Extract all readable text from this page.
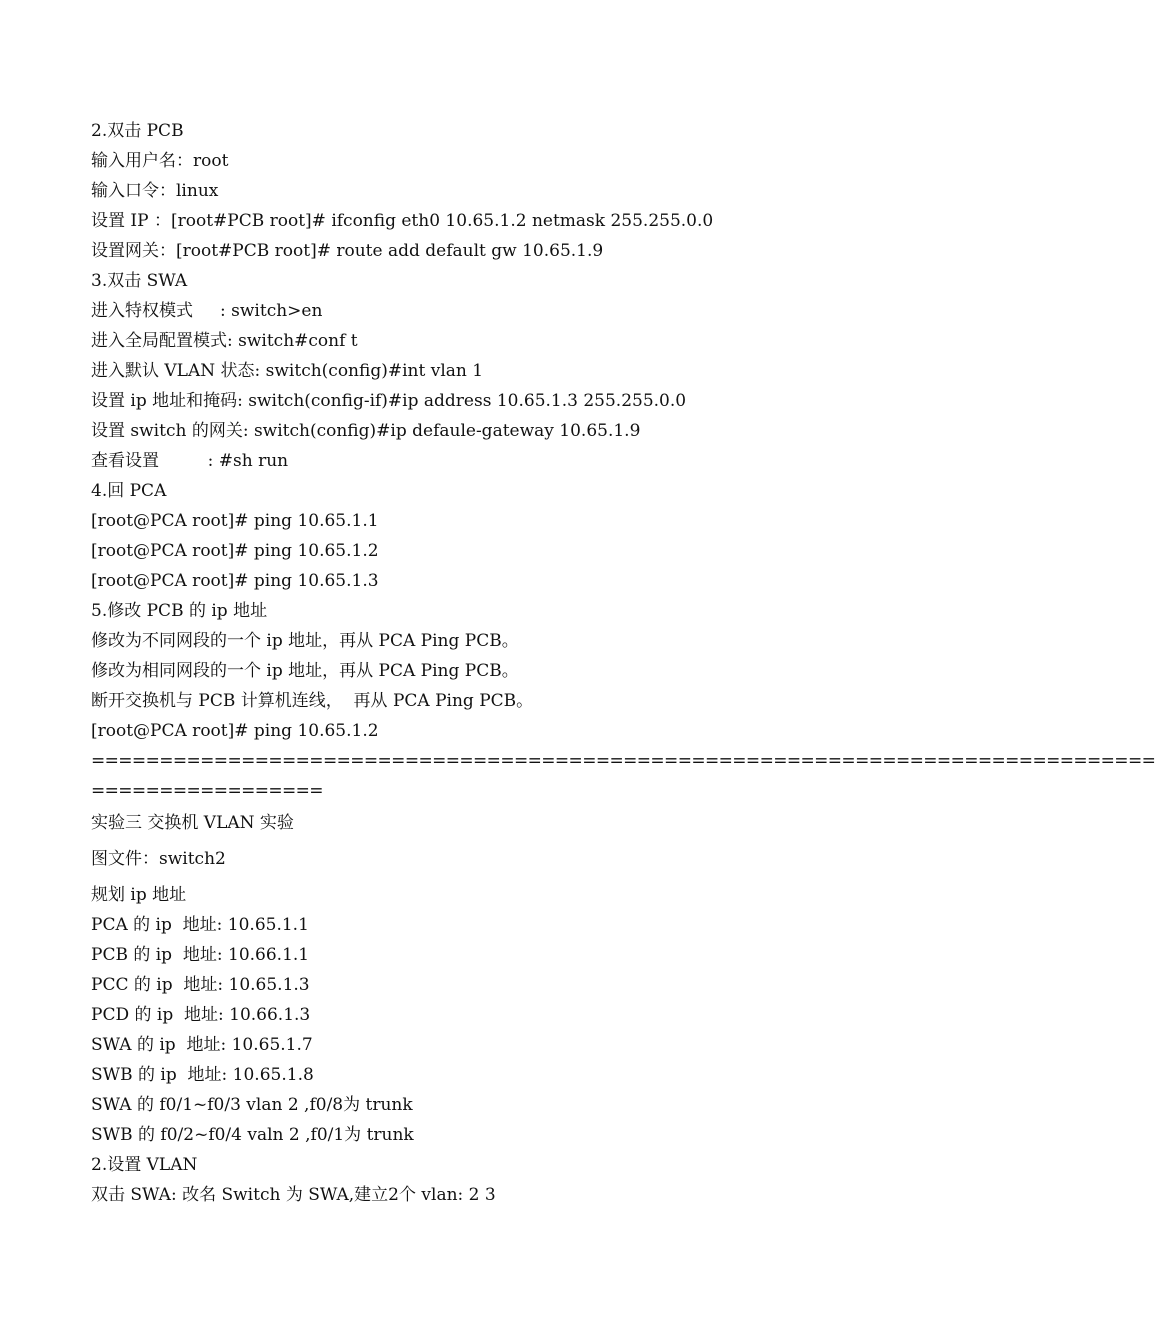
2.双击 PCB
输入用户名：root
输入口令：linux
设置 IP ：[root#PCB root]# ifconfig eth0 10.65.1.2 netmask 255.255.0.0
设置网关：[root#PCB root]# route add default gw 10.65.1.9
3.双击 SWA
进入特权模式     : switch>en
进入全局配置模式: switch#conf t
进入默认 VLAN 状态: switch(config)#int vlan 1
设置 ip 地址和掩码: switch(config-if)#ip address 10.65.1.3 255.255.0.0
设置 switch 的网关: switch(config)#ip defaule-gateway 10.65.1.9
查看设置         : #sh run
4.回 PCA
[root@PCA root]# ping 10.65.1.1
[root@PCA root]# ping 10.65.1.2
[root@PCA root]# ping 10.65.1.3
5.修改 PCB 的 ip 地址
修改为不同网段的一个 ip 地址，再从 PCA Ping PCB。
修改为相同网段的一个 ip 地址，再从 PCA Ping PCB。
断开交换机与 PCB 计算机连线，  再从 PCA Ping PCB。
[root@PCA root]# ping 10.65.1.2
==============================================================================
=================
实验三 交换机 VLAN 实验
图文件：switch2
规划 ip 地址
PCA 的 ip  地址: 10.65.1.1
PCB 的 ip  地址: 10.66.1.1
PCC 的 ip  地址: 10.65.1.3
PCD 的 ip  地址: 10.66.1.3
SWA 的 ip  地址: 10.65.1.7
SWB 的 ip  地址: 10.65.1.8
SWA 的 f0/1~f0/3 vlan 2 ,f0/8为 trunk
SWB 的 f0/2~f0/4 valn 2 ,f0/1为 trunk
2.设置 VLAN
双击 SWA: 改名 Switch 为 SWA,建立2个 vlan: 2 3
